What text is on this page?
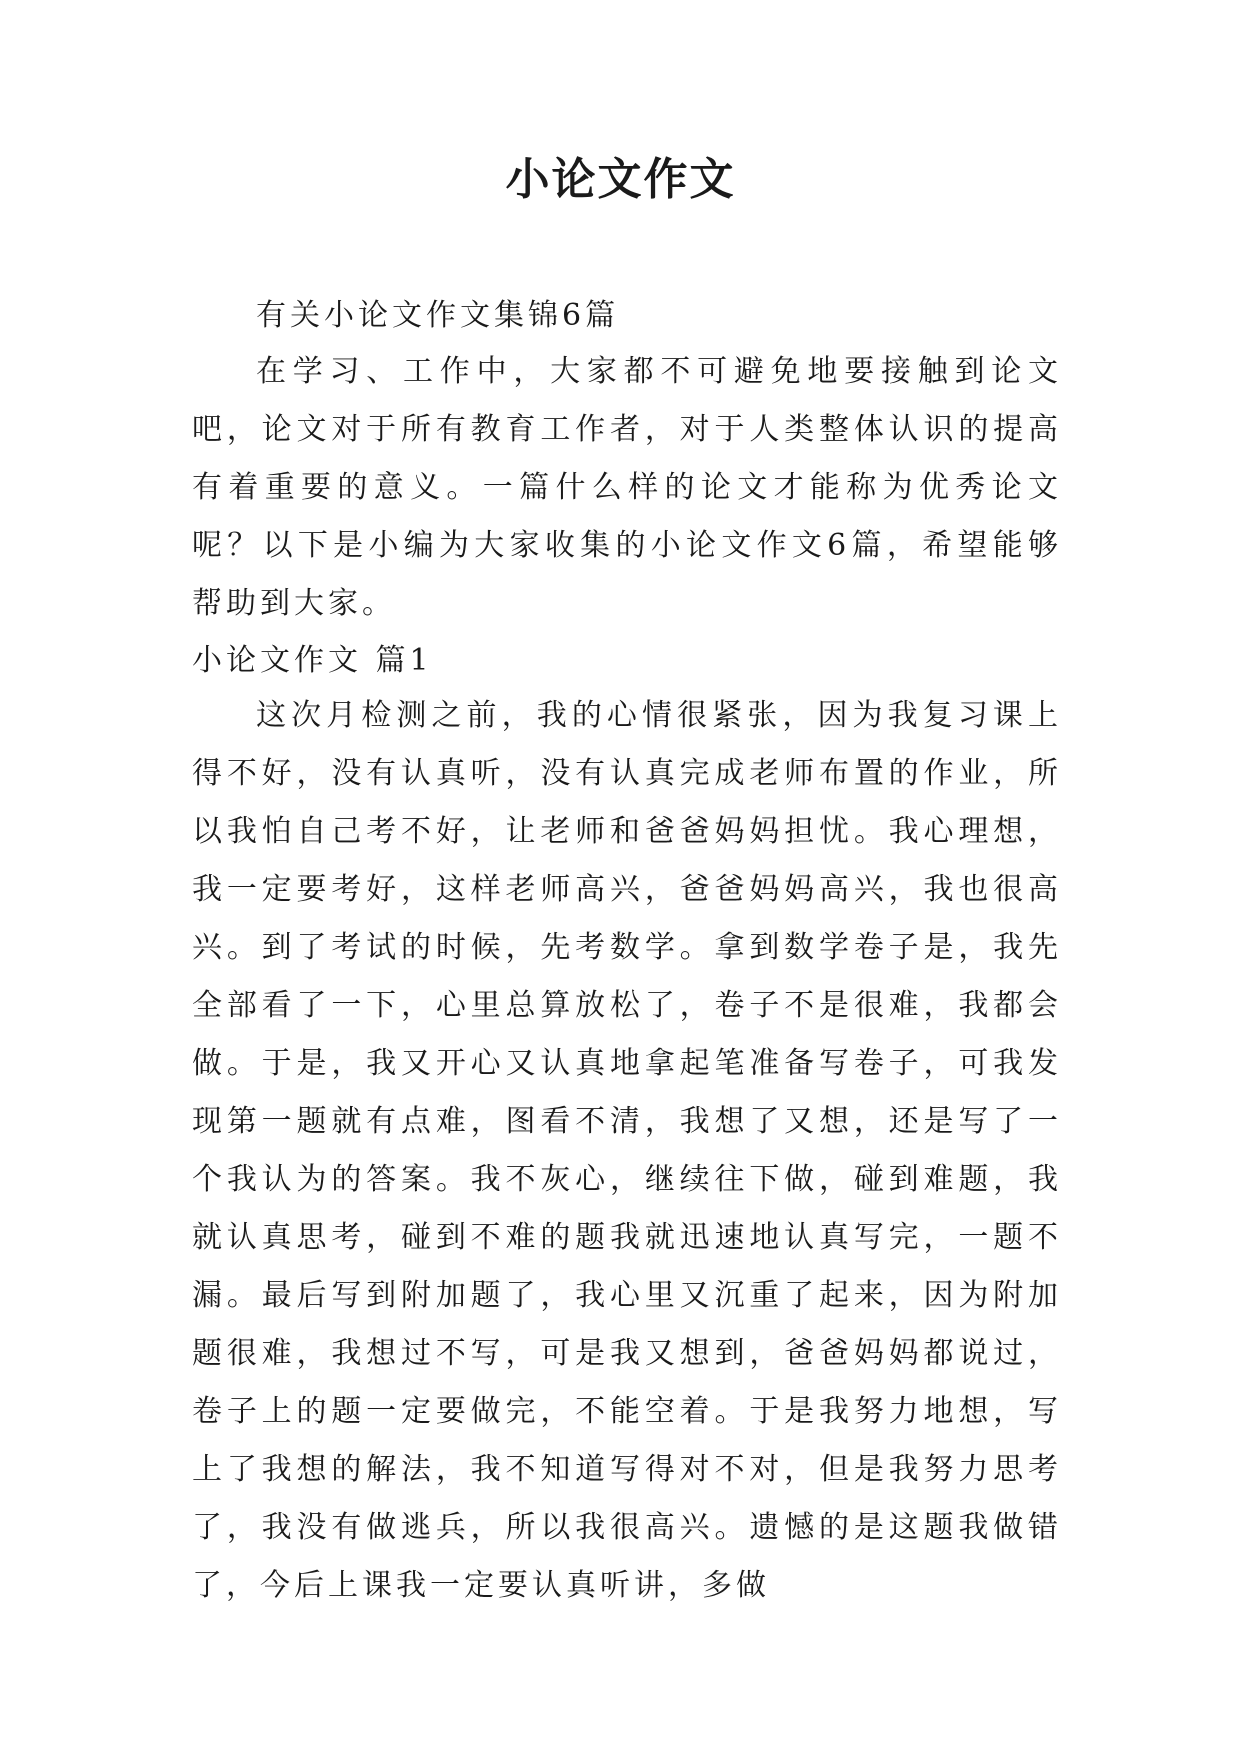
小论文作文

有关小论文作文集锦6篇

在学习、工作中，大家都不可避免地要接触到论文吧，论文对于所有教育工作者，对于人类整体认识的提高有着重要的意义。一篇什么样的论文才能称为优秀论文呢？以下是小编为大家收集的小论文作文6篇，希望能够帮助到大家。

小论文作文 篇1

这次月检测之前，我的心情很紧张，因为我复习课上得不好，没有认真听，没有认真完成老师布置的作业，所以我怕自己考不好，让老师和爸爸妈妈担忧。我心理想，我一定要考好，这样老师高兴，爸爸妈妈高兴，我也很高兴。到了考试的时候，先考数学。拿到数学卷子是，我先全部看了一下，心里总算放松了，卷子不是很难，我都会做。于是，我又开心又认真地拿起笔准备写卷子，可我发现第一题就有点难，图看不清，我想了又想，还是写了一个我认为的答案。我不灰心，继续往下做，碰到难题，我就认真思考，碰到不难的题我就迅速地认真写完，一题不漏。最后写到附加题了，我心里又沉重了起来，因为附加题很难，我想过不写，可是我又想到，爸爸妈妈都说过，卷子上的题一定要做完，不能空着。于是我努力地想，写上了我想的解法，我不知道写得对不对，但是我努力思考了，我没有做逃兵，所以我很高兴。遗憾的是这题我做错了，今后上课我一定要认真听讲，多做
